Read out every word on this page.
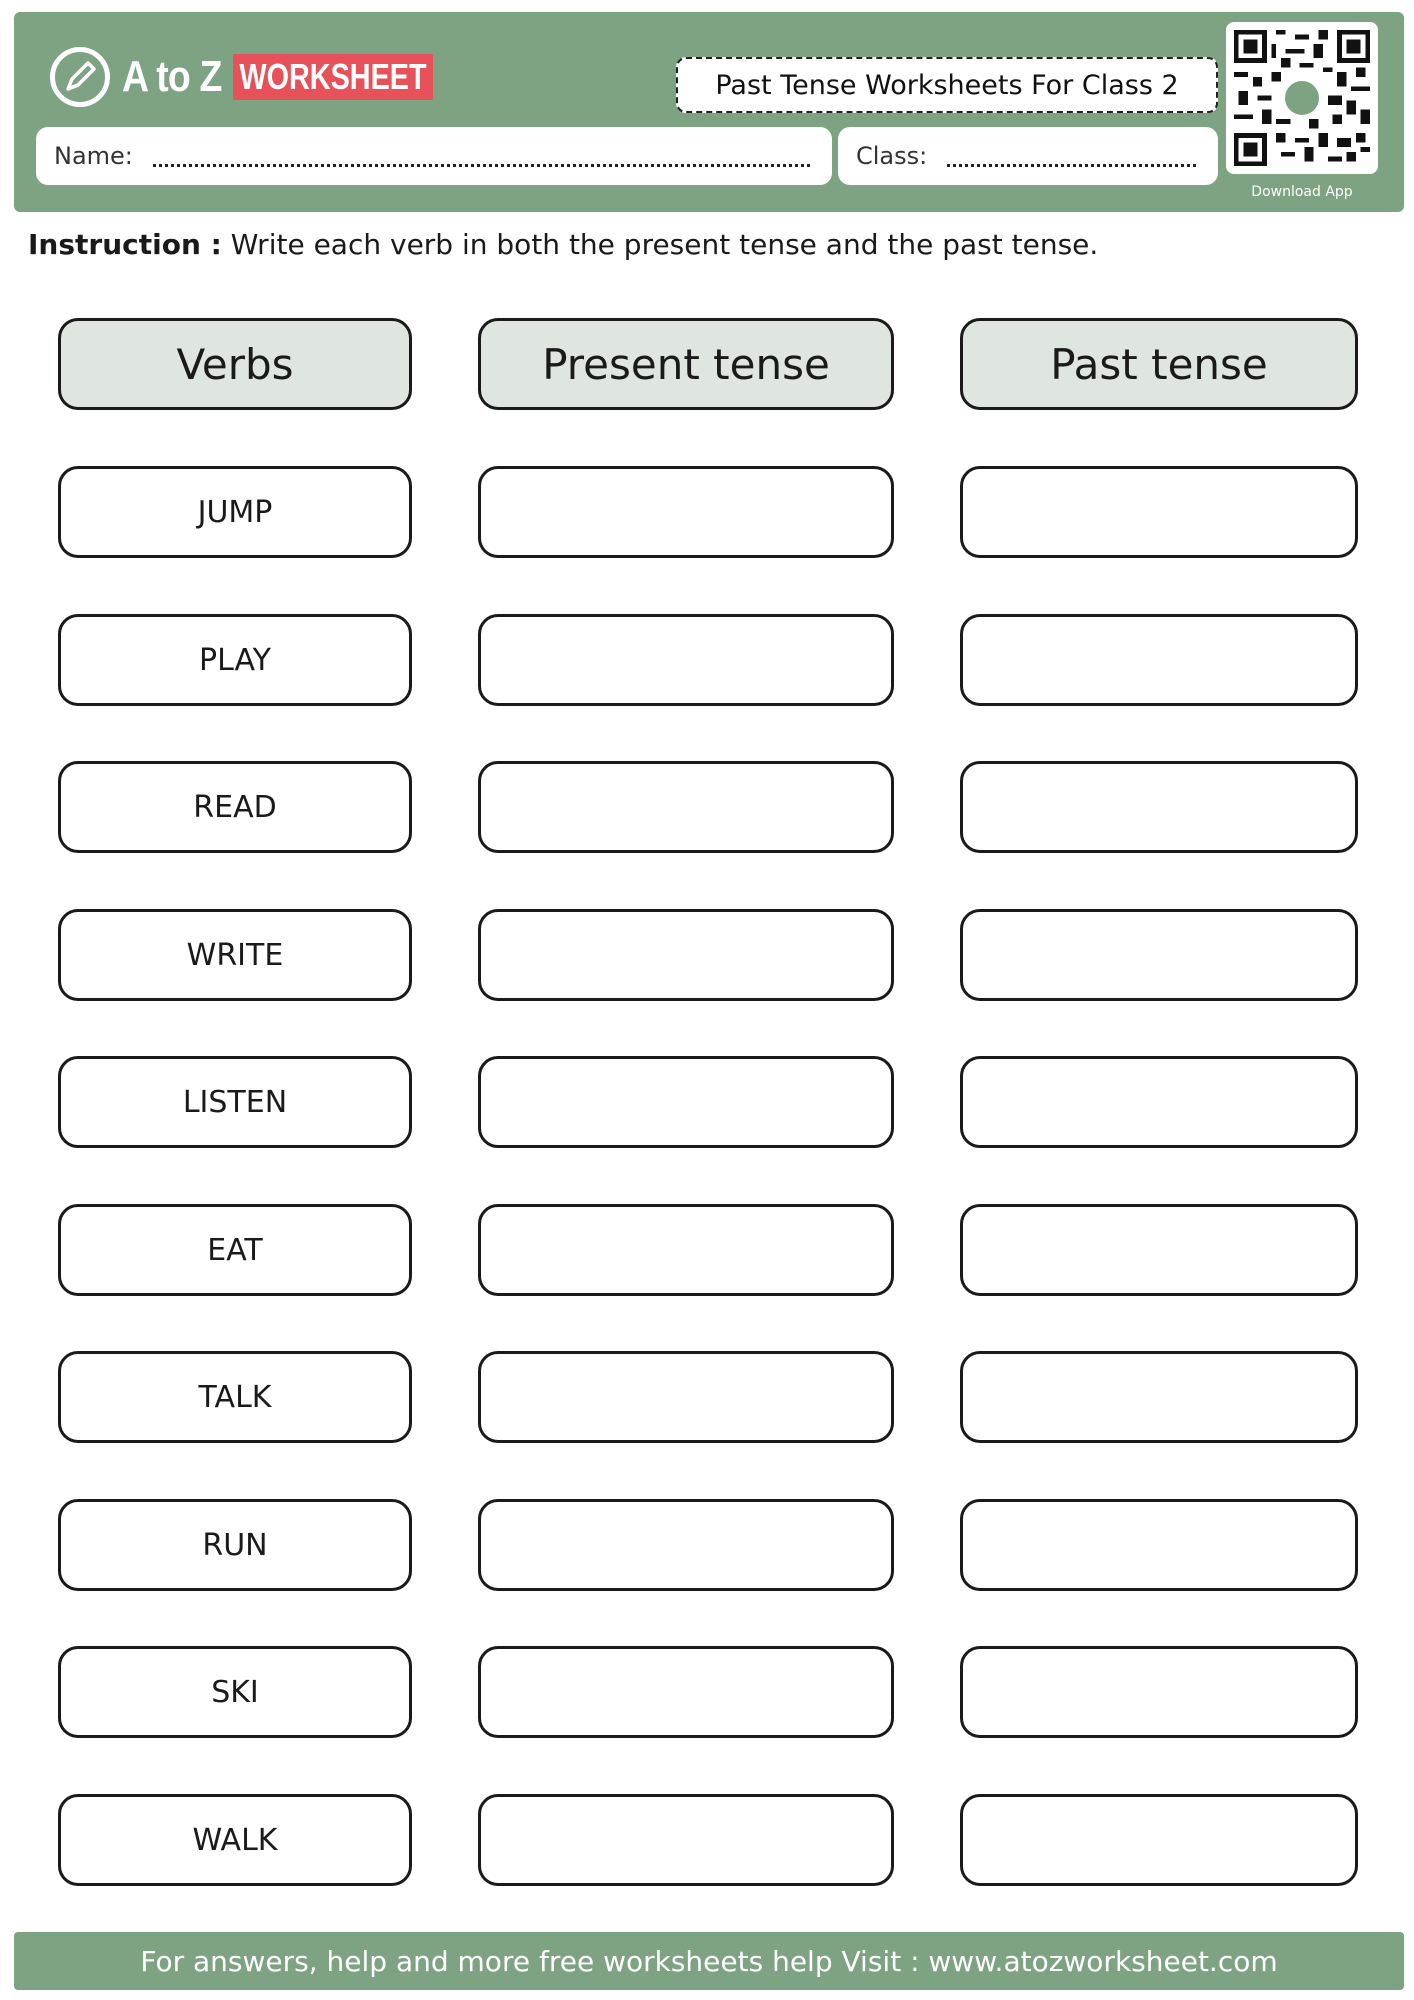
A to Z WORKSHEET	Past Tense Worksheets For Class 2
Name:	Class:
Download App
Instruction : Write each verb in both the present tense and the past tense.
Verbs	Present tense	Past tense
JUMP
PLAY
READ
WRITE
LISTEN
EAT
TALK
RUN
SKI
WALK
For answers, help and more free worksheets help Visit : www.atozworksheet.com
